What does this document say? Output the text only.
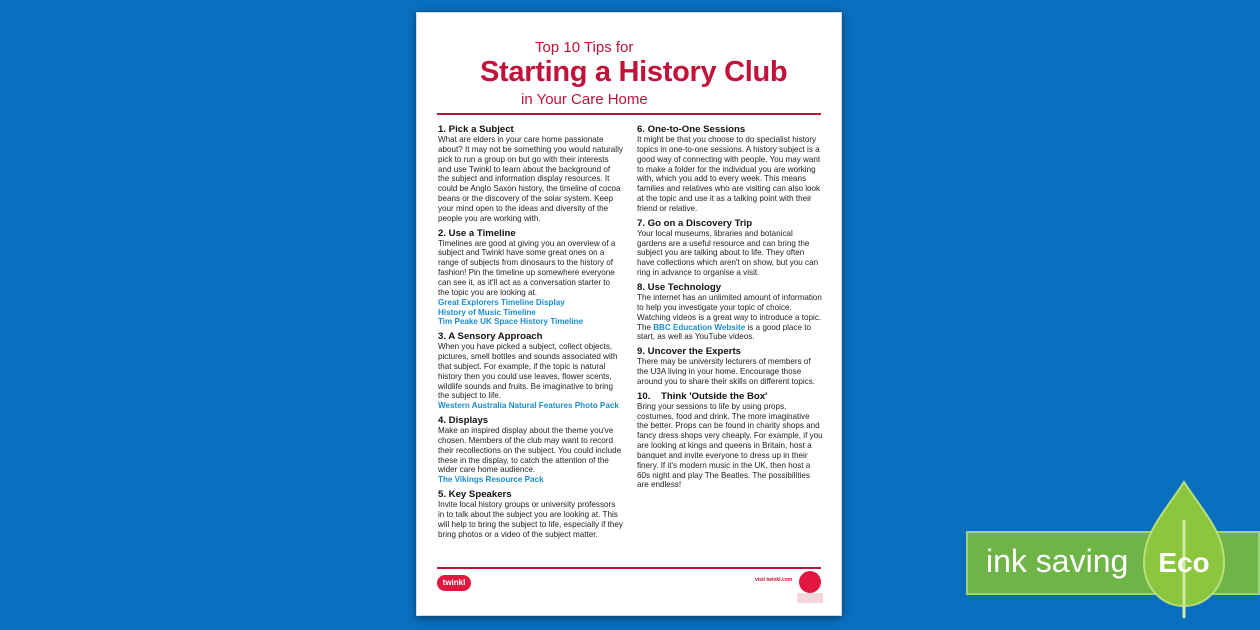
Top 10 Tips for
Starting a History Club
in Your Care Home
1. Pick a Subject

What are elders in your care home passionate about? It may not be something you would naturally pick to run a group on but go with their interests and use Twinkl to learn about the background of the subject and information display resources. It could be Anglo Saxon history, the timeline of cocoa beans or the discovery of the solar system. Keep your mind open to the ideas and diversity of the people you are working with.

2. Use a Timeline

Timelines are good at giving you an overview of a subject and Twinkl have some great ones on a range of subjects from dinosaurs to the history of fashion! Pin the timeline up somewhere everyone can see it, as it'll act as a conversation starter to the topic you are looking at.

Great Explorers Timeline Display
History of Music Timeline
Tim Peake UK Space History Timeline
3. A Sensory Approach

When you have picked a subject, collect objects, pictures, smell bottles and sounds associated with that subject. For example, if the topic is natural history then you could use leaves, flower scents, wildlife sounds and fruits. Be imaginative to bring the subject to life.

Western Australia Natural Features Photo Pack
4. Displays

Make an inspired display about the theme you've chosen. Members of the club may want to record their recollections on the subject. You could include these in the display, to catch the attention of the wider care home audience.

The Vikings Resource Pack
5. Key Speakers

Invite local history groups or university professors in to talk about the subject you are looking at. This will help to bring the subject to life, especially if they bring photos or a video of the subject matter.

6. One-to-One Sessions

It might be that you choose to do specialist history topics in one-to-one sessions. A history subject is a good way of connecting with people. You may want to make a folder for the individual you are working with, which you add to every week. This means families and relatives who are visiting can also look at the topic and use it as a talking point with their friend or relative.

7. Go on a Discovery Trip

Your local museums, libraries and botanical gardens are a useful resource and can bring the subject you are talking about to life. They often have collections which aren't on show, but you can ring in advance to organise a visit.

8. Use Technology

The internet has an unlimited amount of information to help you investigate your topic of choice. Watching videos is a great way to introduce a topic. The BBC Education Website is a good place to start, as well as YouTube videos.

9. Uncover the Experts

There may be university lecturers of members of the U3A living in your home. Encourage those around you to share their skills on different topics.

10.    Think 'Outside the Box'

Bring your sessions to life by using props, costumes, food and drink. The more imaginative the better. Props can be found in charity shops and fancy dress shops very cheaply. For example, if you are looking at kings and queens in Britain, host a banquet and invite everyone to dress up in their finery. If it's modern music in the UK, then host a 60s night and play The Beatles. The possibilities are endless!

twinkl	visit twinkl.com
ink saving Eco
